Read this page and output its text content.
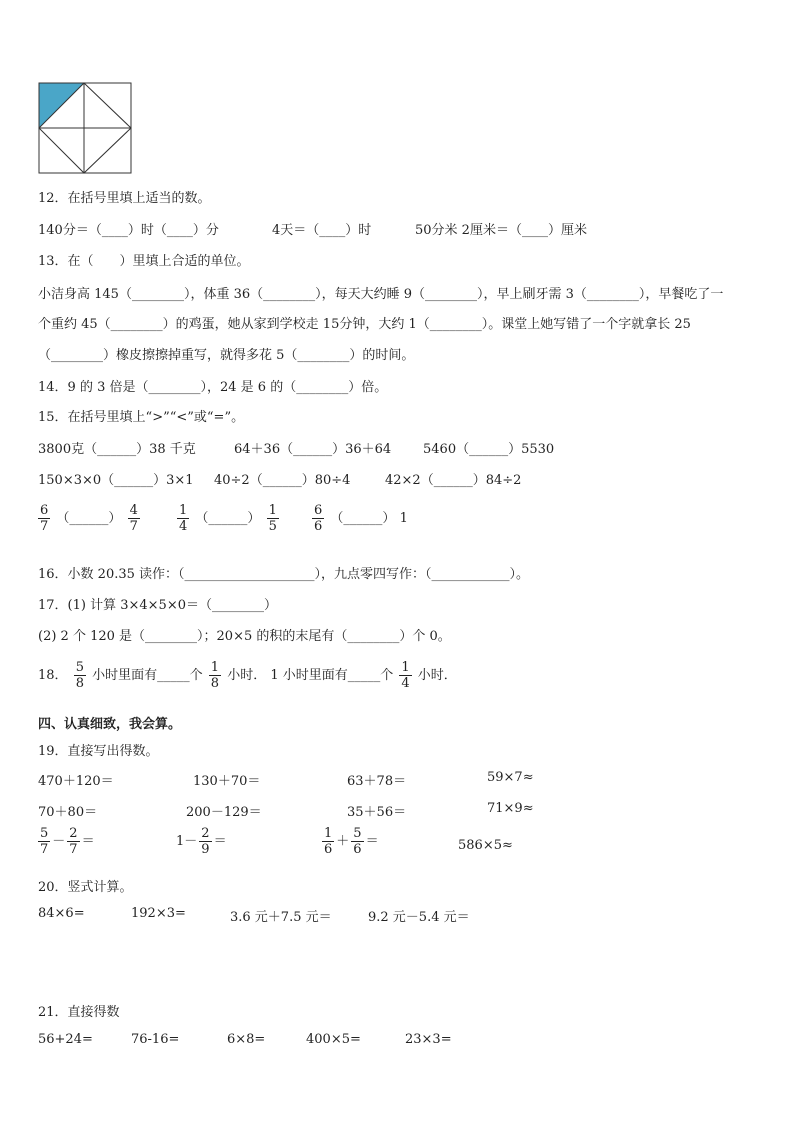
12．在括号里填上适当的数。
140分＝（____）时（____）分	4天＝（____）时	50分米 2厘米＝（____）厘米
13．在（　　）里填上合适的单位。
小洁身高 145（________），体重 36（________），每天大约睡 9（________），早上刷牙需 3（________），早餐吃了一
个重约 45（________）的鸡蛋，她从家到学校走 15分钟，大约 1（________）。课堂上她写错了一个字就拿长 25
（________）橡皮擦擦掉重写，就得多花 5（________）的时间。
14．9 的 3 倍是（________），24 是 6 的（________）倍。
15．在括号里填上“>”“<”或“=”。
3800克（______）38 千克	64＋36（______）36＋64 5460（______）5530
150×3×0（______）3×1 40÷2（______）80÷4	42×2（______）84÷2
$\frac{6}{7}$ （______） $\frac{4}{7}$	$\frac{1}{4}$ （______） $\frac{1}{5}$	$\frac{6}{6}$ （______） 1
16．小数 20.35 读作：（____________________），九点零四写作：（____________）。
17．(1) 计算 3×4×5×0＝（________）
(2) 2 个 120 是（________）；20×5 的积的末尾有（________）个 0。
18． $\frac{5}{8}$ 小时里面有_____个 $\frac{1}{8}$ 小时． 1 小时里面有_____个 $\frac{1}{4}$ 小时．
四、认真细致，我会算。
19．直接写出得数。
470＋120＝	130＋70＝	63＋78＝	59×7≈
70＋80＝	200－129＝	35＋56＝	71×9≈
$\frac{5}{7} - \frac{2}{7}$ ＝	$1- \frac{2}{9}$ ＝	$\frac{1}{6} + \frac{5}{6}$ ＝	586×5≈
20．竖式计算。
84×6=	192×3=	3.6 元＋7.5 元＝	9.2 元－5.4 元＝
21．直接得数
56+24=	76-16=	6×8=	400×5=	23×3=
